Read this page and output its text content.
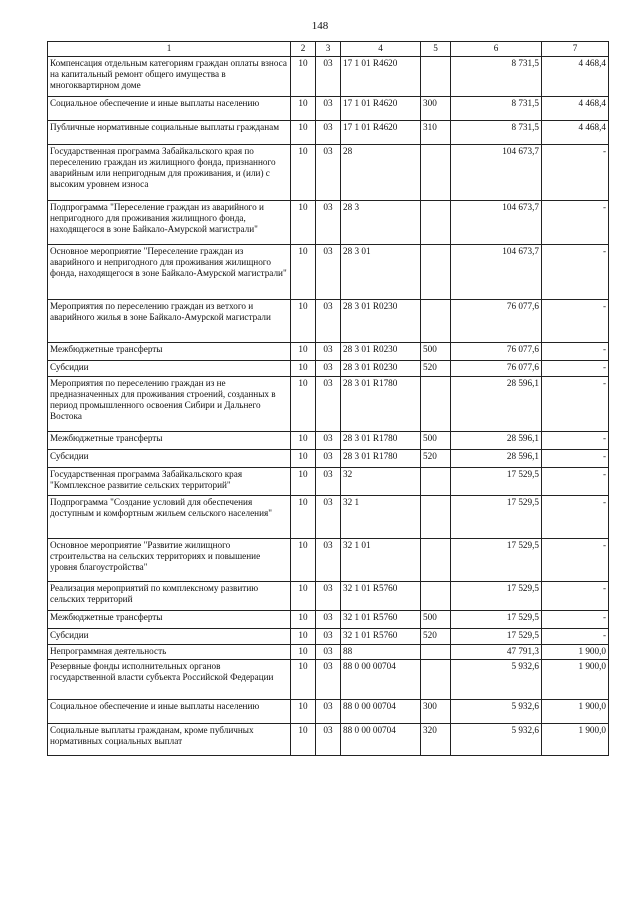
148
1	2	3	4	5	6	7
Компенсация отдельным категориям граждан оплаты взноса на капитальный ремонт общего имущества в многоквартирном доме	10	03	17 1 01 R4620		8 731,5	4 468,4
Социальное обеспечение и иные выплаты населению	10	03	17 1 01 R4620	300	8 731,5	4 468,4
Публичные нормативные социальные выплаты гражданам	10	03	17 1 01 R4620	310	8 731,5	4 468,4
Государственная программа Забайкальского края по переселению граждан из жилищного фонда, признанного аварийным или непригодным для проживания, и (или) с высоким уровнем износа	10	03	28		104 673,7	-
Подпрограмма "Переселение граждан из аварийного и непригодного для проживания жилищного фонда, находящегося в зоне Байкало-Амурской магистрали"	10	03	28 3		104 673,7	-
Основное мероприятие "Переселение граждан из аварийного и непригодного для проживания жилищного фонда, находящегося в зоне Байкало-Амурской магистрали"	10	03	28 3 01		104 673,7	-
Мероприятия по переселению граждан из ветхого и аварийного жилья в зоне Байкало-Амурской магистрали	10	03	28 3 01 R0230		76 077,6	-
Межбюджетные трансферты	10	03	28 3 01 R0230	500	76 077,6	-
Субсидии	10	03	28 3 01 R0230	520	76 077,6	-
Мероприятия по переселению граждан из не предназначенных для проживания строений, созданных в период промышленного освоения Сибири и Дальнего Востока	10	03	28 3 01 R1780		28 596,1	-
Межбюджетные трансферты	10	03	28 3 01 R1780	500	28 596,1	-
Субсидии	10	03	28 3 01 R1780	520	28 596,1	-
Государственная программа Забайкальского края "Комплексное развитие сельских территорий"	10	03	32		17 529,5	-
Подпрограмма "Создание условий для обеспечения доступным и комфортным жильем сельского населения"	10	03	32 1		17 529,5	-
Основное мероприятие "Развитие жилищного строительства на сельских территориях и повышение уровня благоустройства"	10	03	32 1 01		17 529,5	-
Реализация мероприятий по комплексному развитию сельских территорий	10	03	32 1 01 R5760		17 529,5	-
Межбюджетные трансферты	10	03	32 1 01 R5760	500	17 529,5	-
Субсидии	10	03	32 1 01 R5760	520	17 529,5	-
Непрограммная деятельность	10	03	88		47 791,3	1 900,0
Резервные фонды исполнительных органов государственной власти субъекта Российской Федерации	10	03	88 0 00 00704		5 932,6	1 900,0
Социальное обеспечение и иные выплаты населению	10	03	88 0 00 00704	300	5 932,6	1 900,0
Социальные выплаты гражданам, кроме публичных нормативных социальных выплат	10	03	88 0 00 00704	320	5 932,6	1 900,0
